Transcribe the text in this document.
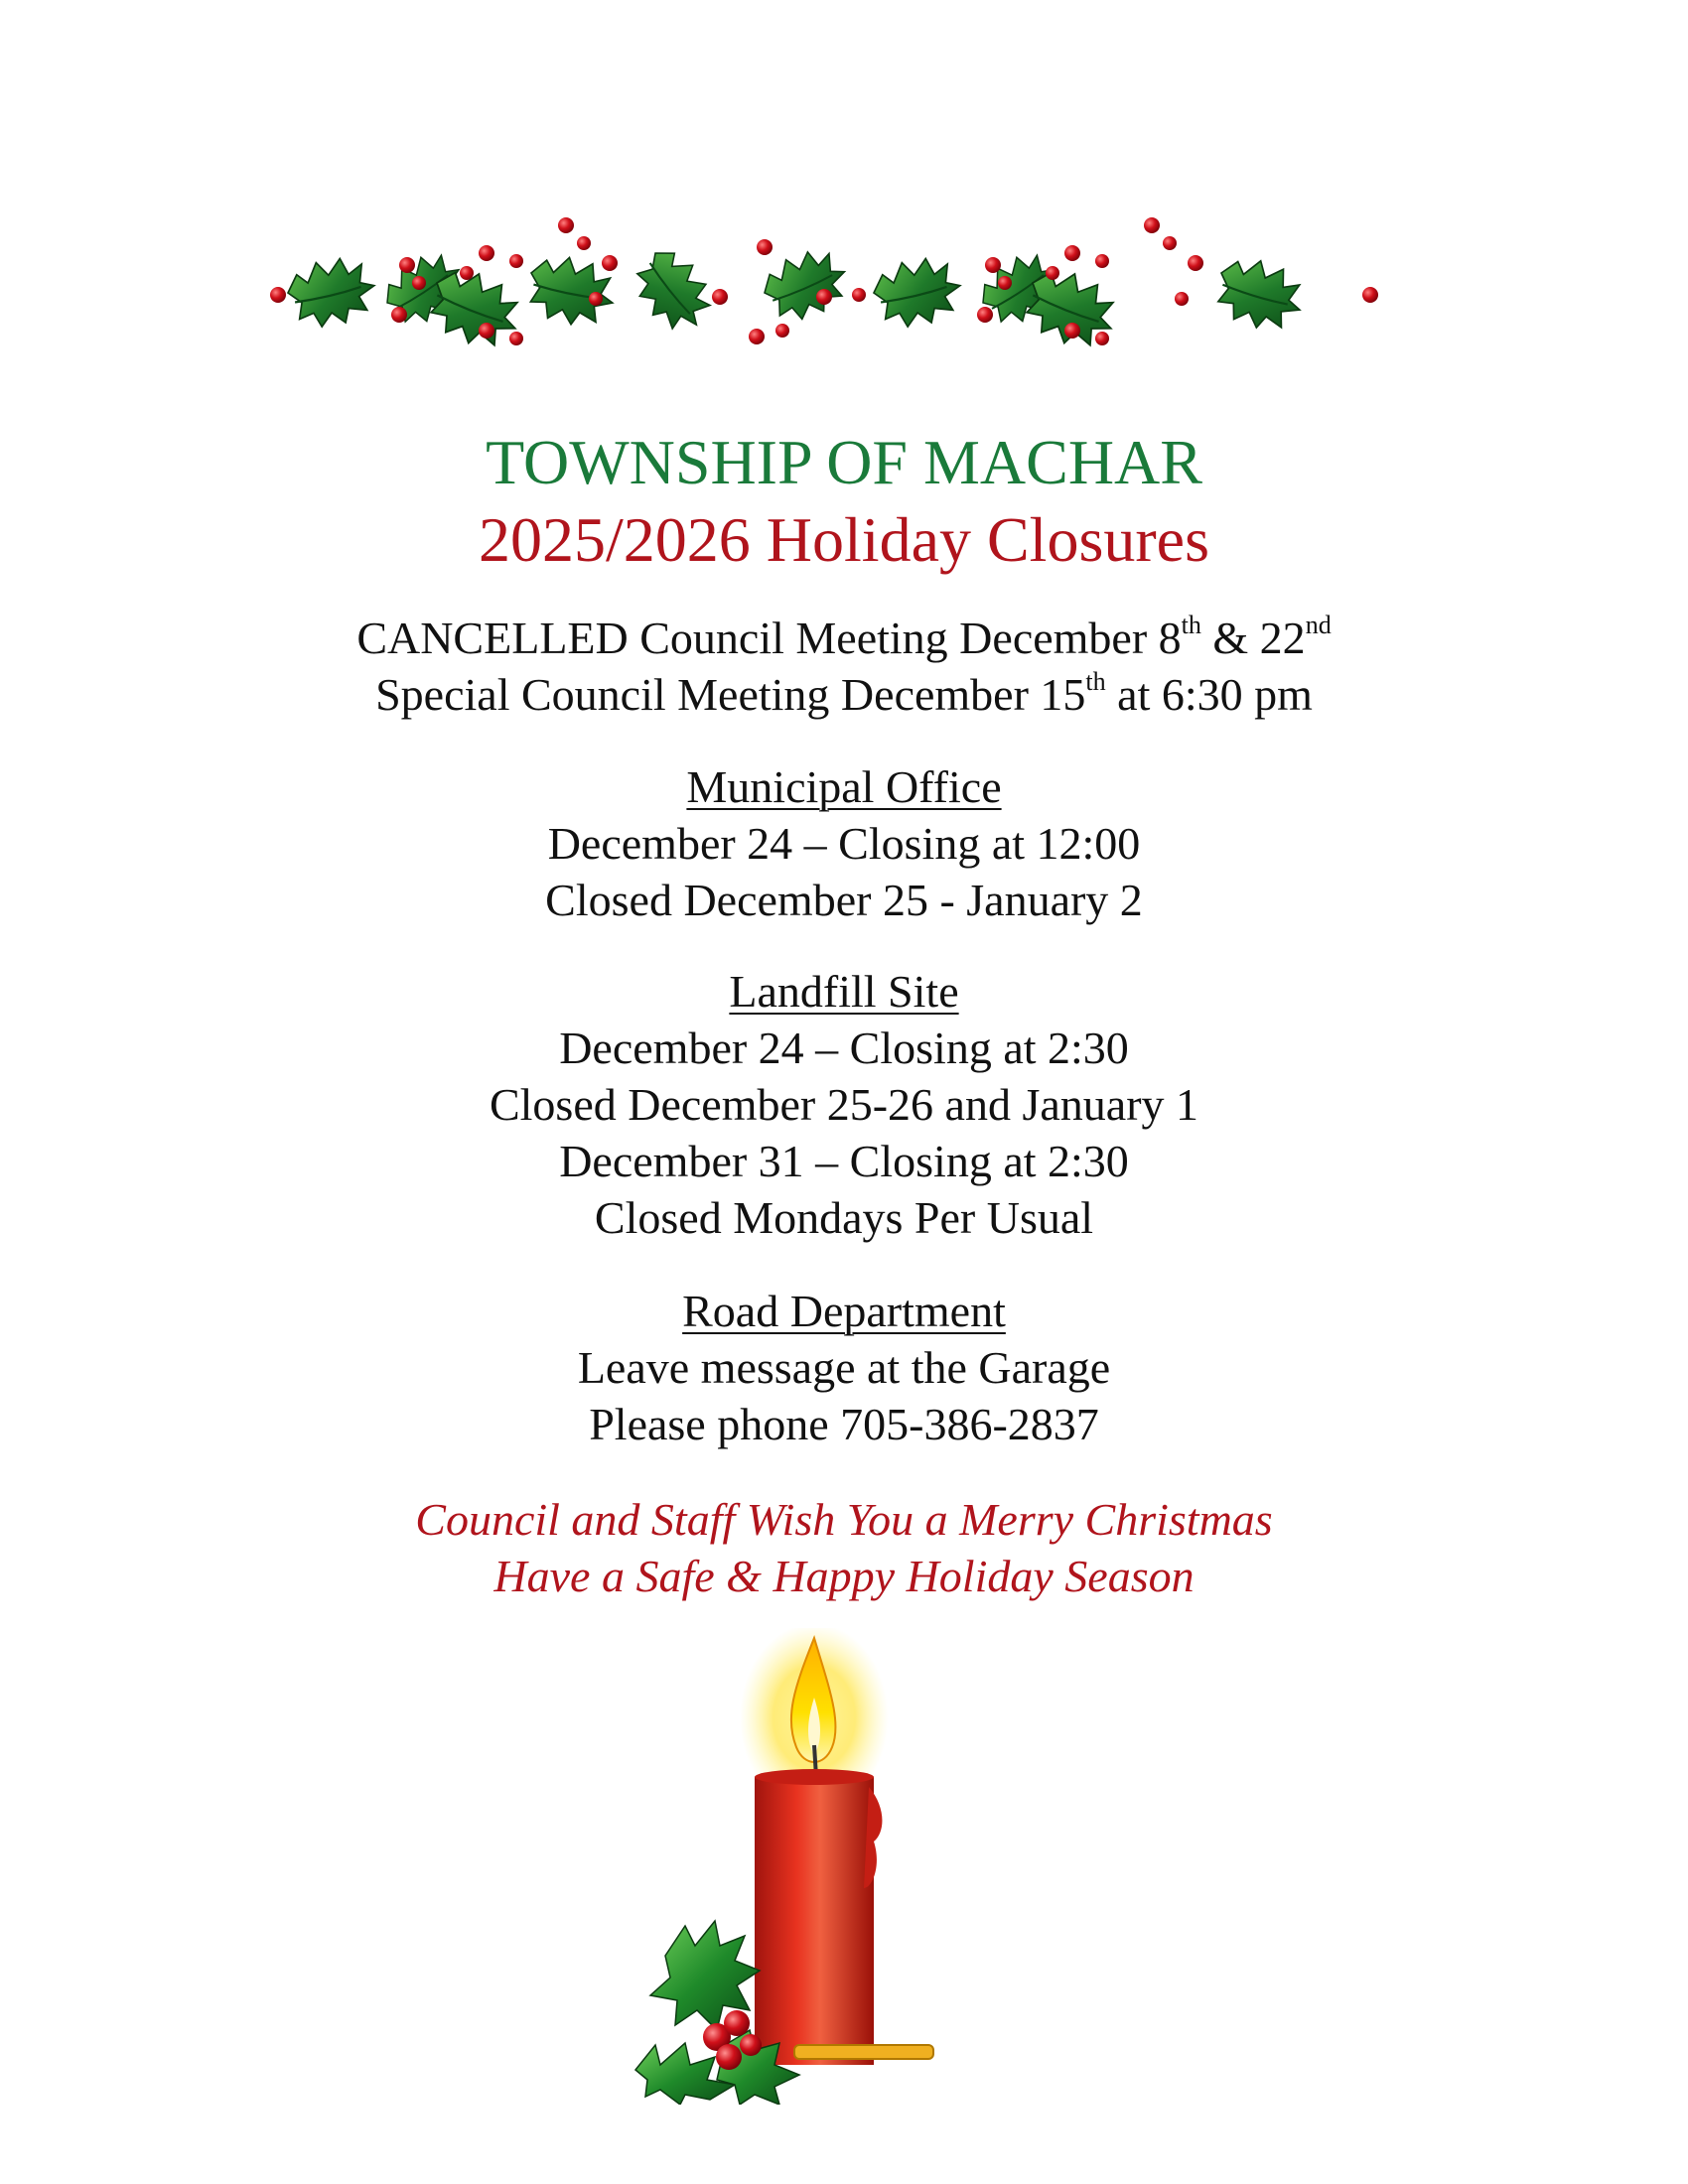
TOWNSHIP OF MACHAR
2025/2026 Holiday Closures
CANCELLED Council Meeting December 8th & 22nd
Special Council Meeting December 15th at 6:30 pm
Municipal Office
December 24 – Closing at 12:00
Closed December 25 - January 2
Landfill Site
December 24 – Closing at 2:30
Closed December 25-26 and January 1
December 31 – Closing at 2:30
Closed Mondays Per Usual
Road Department
Leave message at the Garage
Please phone 705-386-2837
Council and Staff Wish You a Merry Christmas
Have a Safe & Happy Holiday Season
